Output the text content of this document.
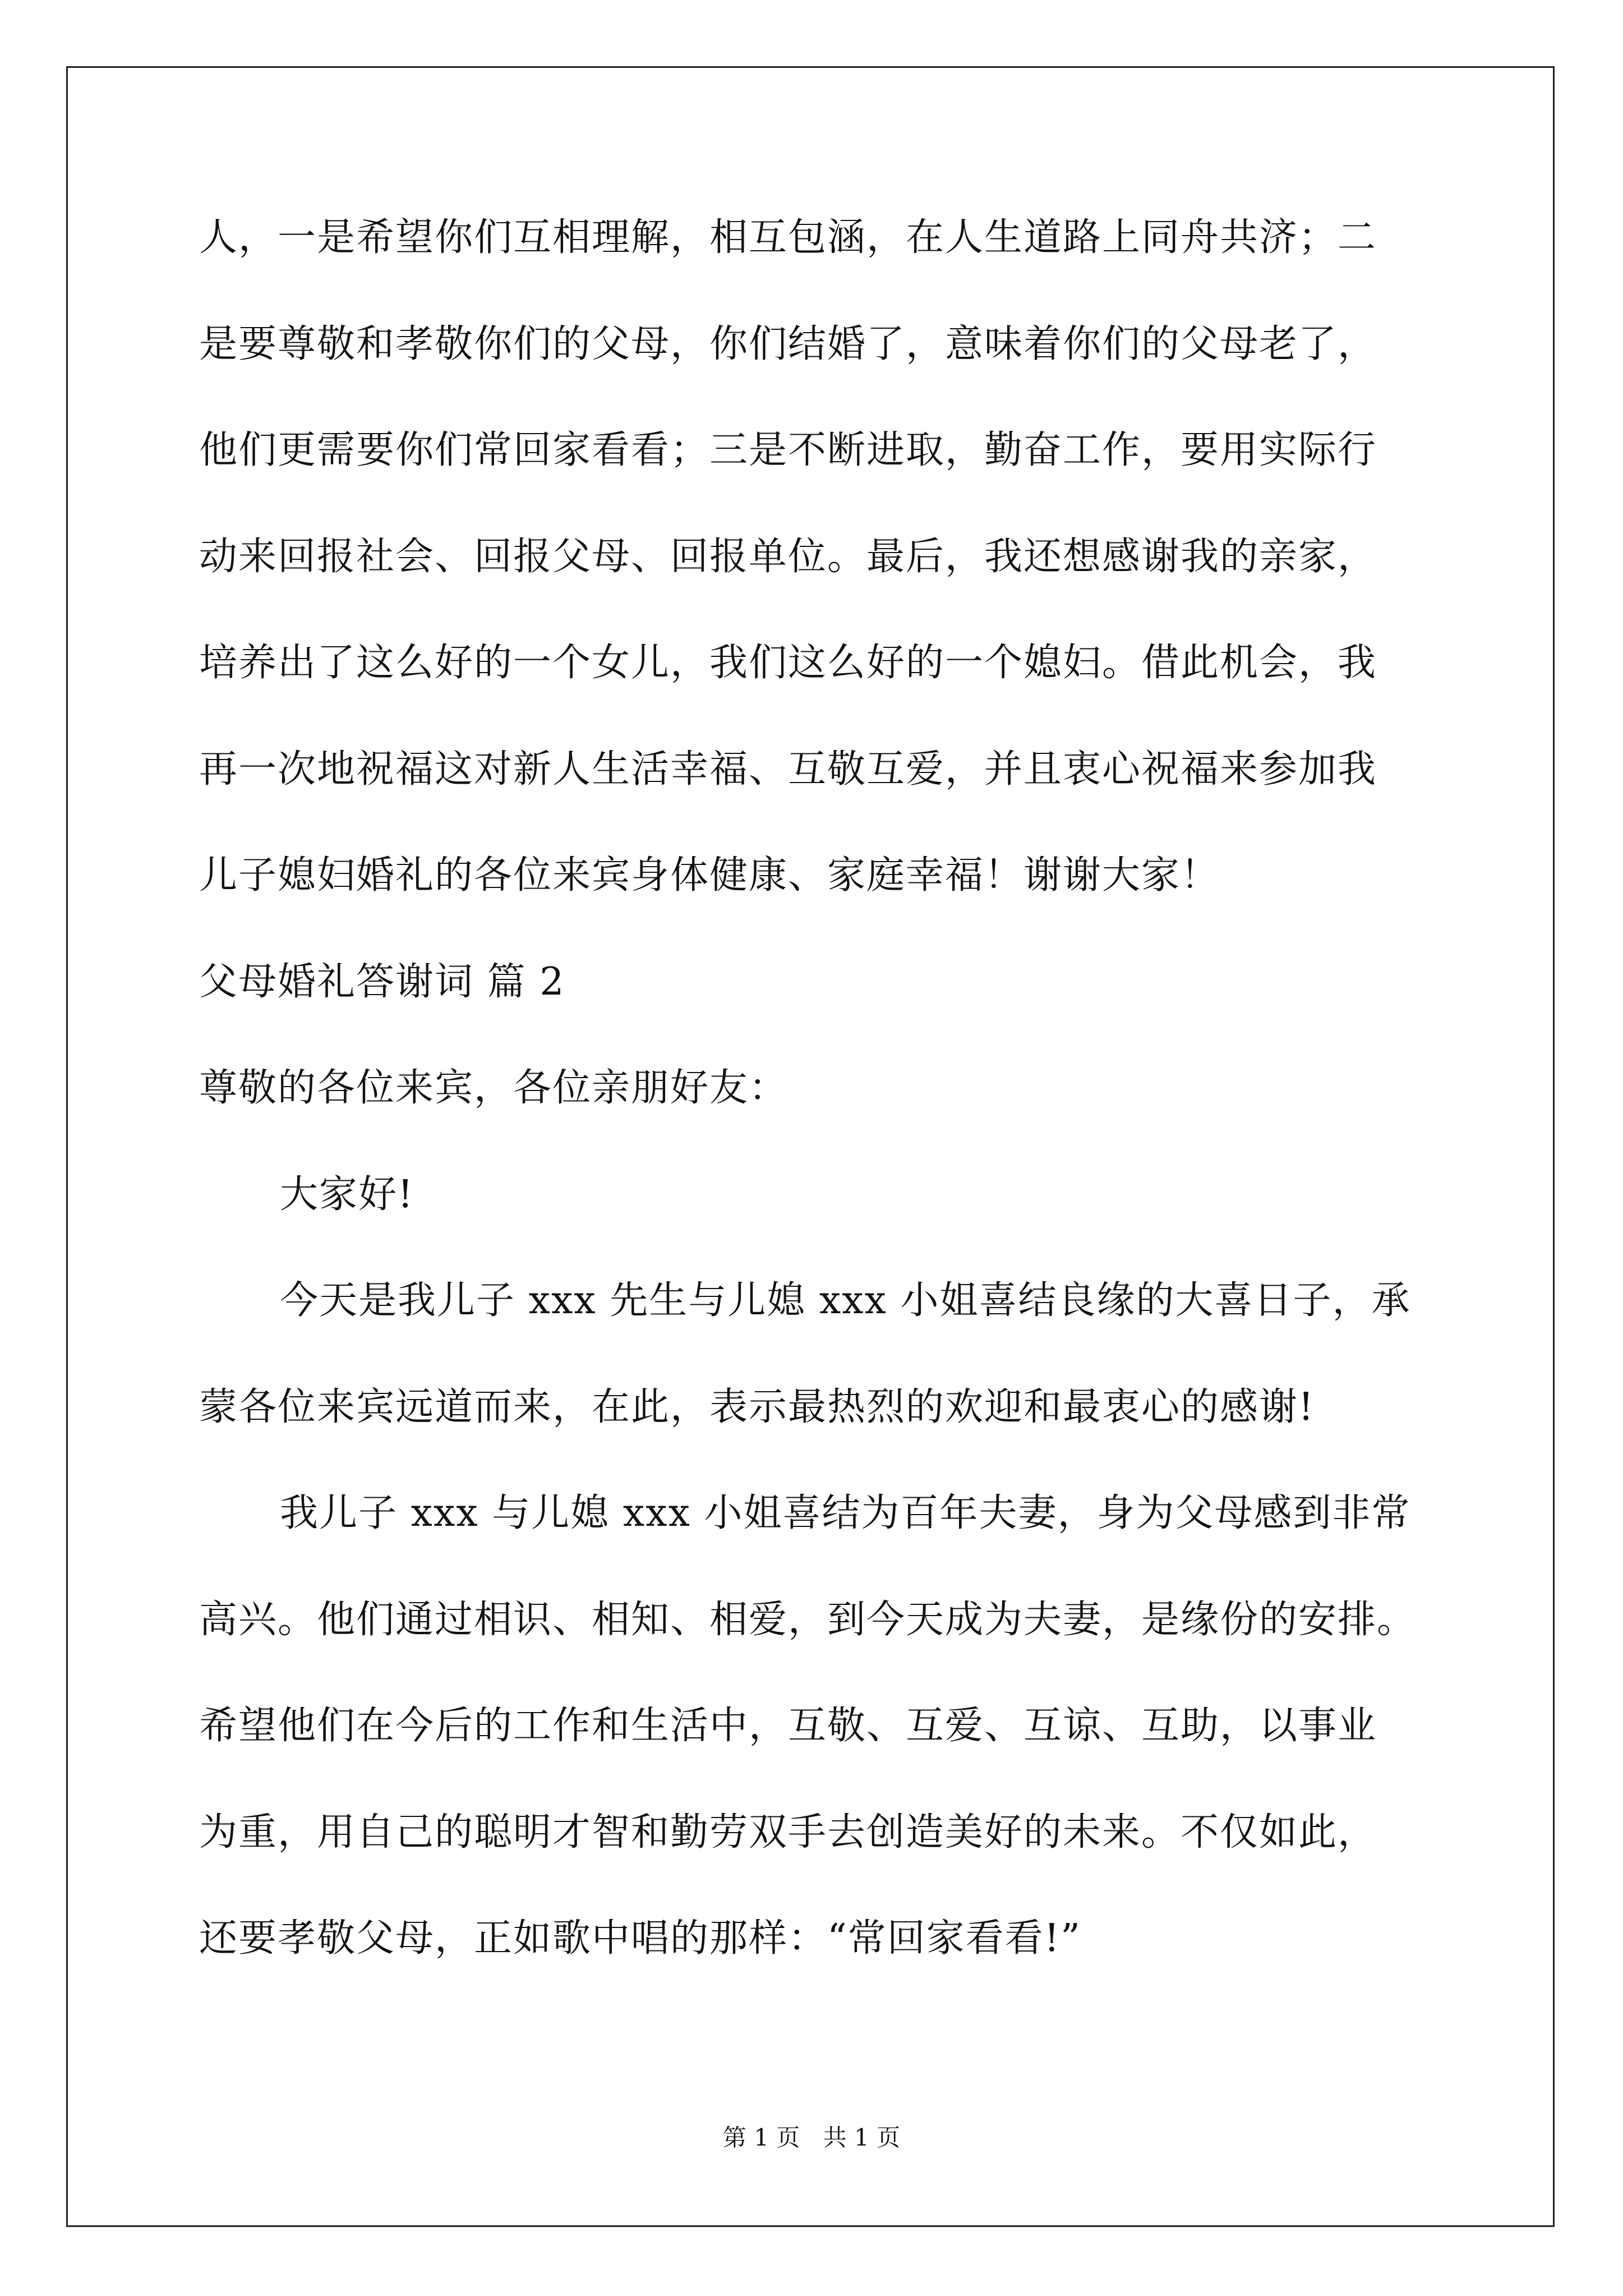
人，一是希望你们互相理解，相互包涵，在人生道路上同舟共济；二
是要尊敬和孝敬你们的父母，你们结婚了，意味着你们的父母老了，
他们更需要你们常回家看看；三是不断进取，勤奋工作，要用实际行
动来回报社会、回报父母、回报单位。最后，我还想感谢我的亲家，
培养出了这么好的一个女儿，我们这么好的一个媳妇。借此机会，我
再一次地祝福这对新人生活幸福、互敬互爱，并且衷心祝福来参加我
儿子媳妇婚礼的各位来宾身体健康、家庭幸福！谢谢大家！
父母婚礼答谢词 篇 2
尊敬的各位来宾，各位亲朋好友：
大家好!
今天是我儿子 xxx 先生与儿媳 xxx 小姐喜结良缘的大喜日子，承
蒙各位来宾远道而来，在此，表示最热烈的欢迎和最衷心的感谢!
我儿子 xxx 与儿媳 xxx 小姐喜结为百年夫妻，身为父母感到非常
高兴。他们通过相识、相知、相爱，到今天成为夫妻，是缘份的安排。
希望他们在今后的工作和生活中，互敬、互爱、互谅、互助，以事业
为重，用自己的聪明才智和勤劳双手去创造美好的未来。不仅如此，
还要孝敬父母，正如歌中唱的那样：“常回家看看!”
第 1 页 共 1 页
